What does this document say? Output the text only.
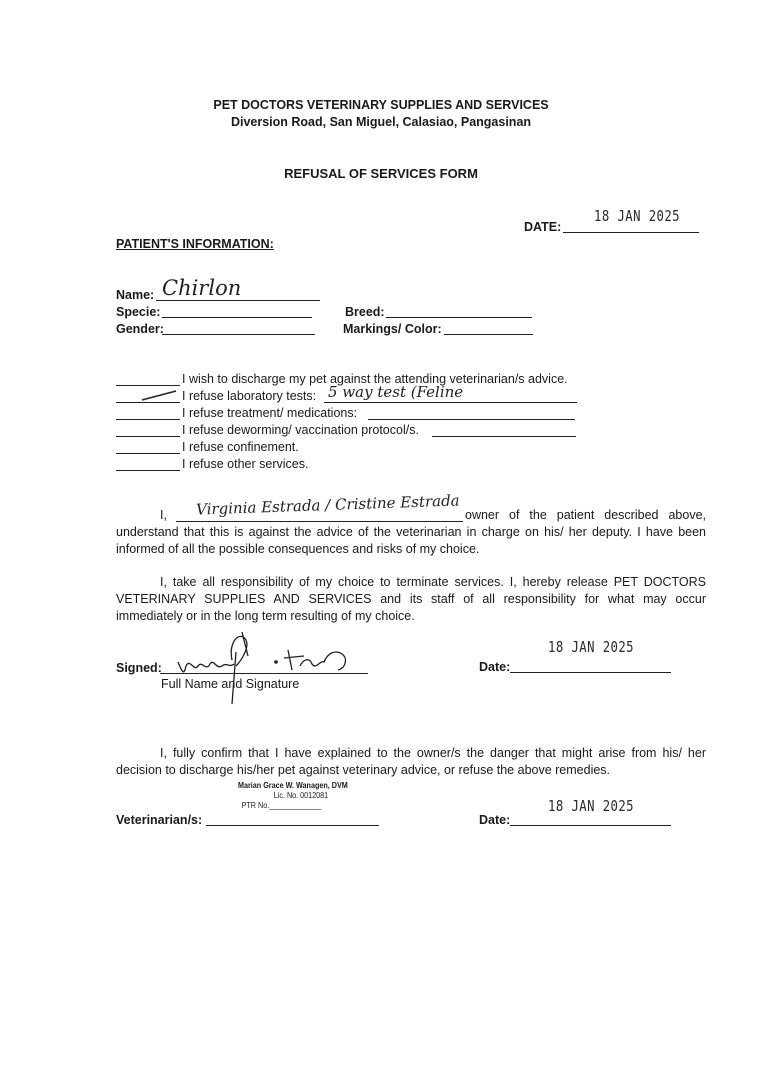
PET DOCTORS VETERINARY SUPPLIES AND SERVICES
Diversion Road, San Miguel, Calasiao, Pangasinan
REFUSAL OF SERVICES FORM
DATE:
18 JAN 2025
PATIENT'S INFORMATION:
Name: Chirlon
Specie:
Gender:
Breed:
Markings/ Color:
I wish to discharge my pet against the attending veterinarian/s advice.
I refuse laboratory tests: 5 way test (Feline
I refuse treatment/ medications:
I refuse deworming/ vaccination protocol/s.
I refuse confinement.
I refuse other services.
I, Virginia Estrada / Cristine Estrada owner of the patient described above,
understand that this is against the advice of the veterinarian in charge on his/ her deputy. I have been informed of all the possible consequences and risks of my choice.
I, take all responsibility of my choice to terminate services. I, hereby release PET DOCTORS VETERINARY SUPPLIES AND SERVICES and its staff of all responsibility for what may occur immediately or in the long term resulting of my choice.
Signed:
Full Name and Signature
Date:
18 JAN 2025
I, fully confirm that I have explained to the owner/s the danger that might arise from his/ her decision to discharge his/her pet against veterinary advice, or refuse the above remedies.
Marian Grace W. Wanagen, DVM
Lic. No. 0012081
PTR No._____________
Veterinarian/s:	Date:
18 JAN 2025
